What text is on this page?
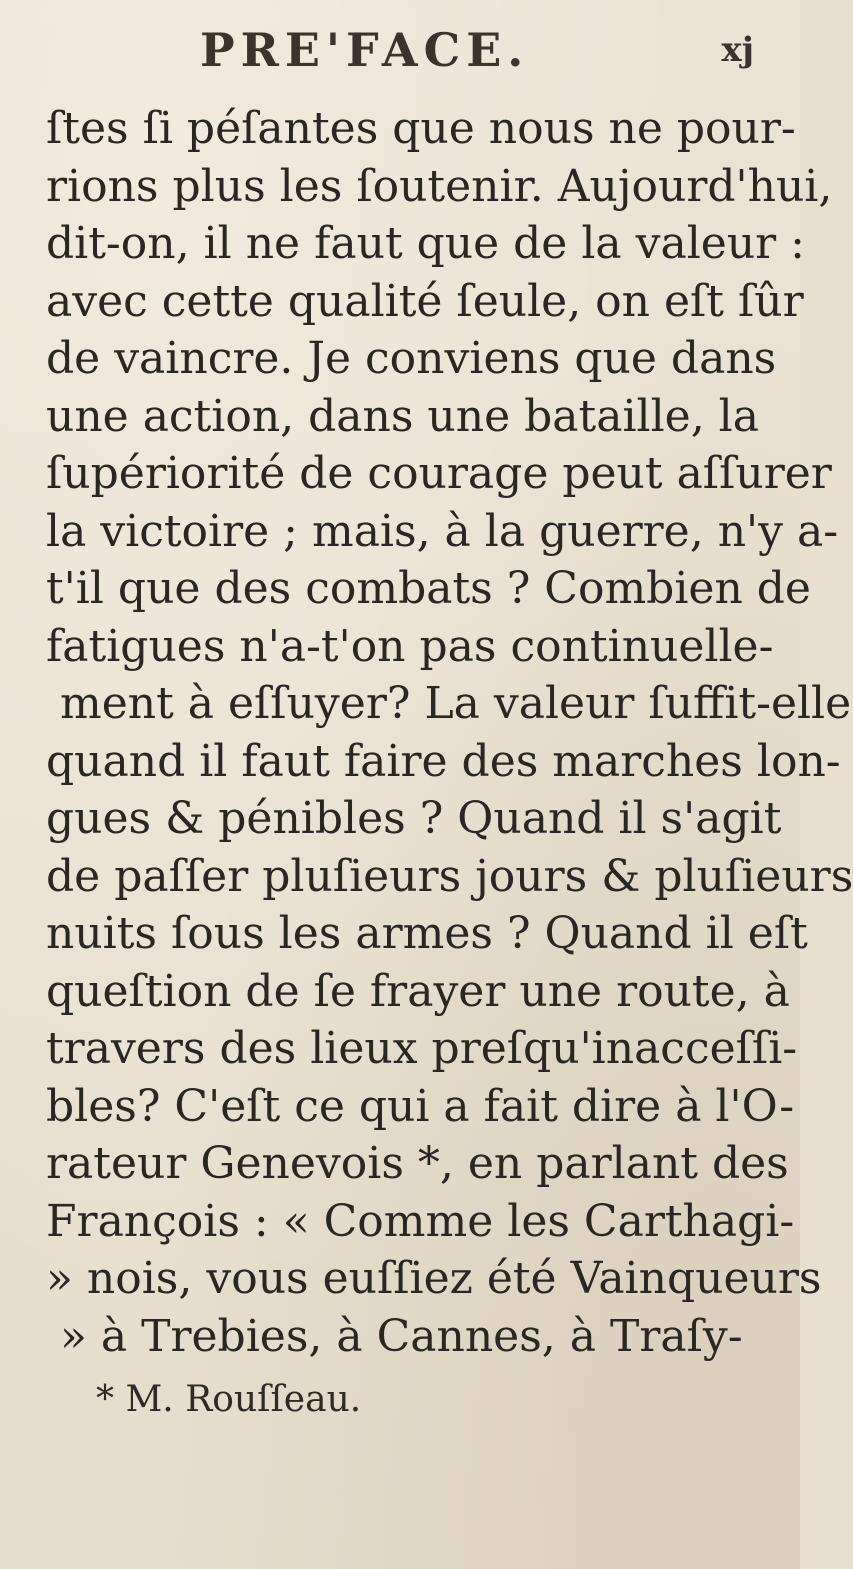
PRE'FACE.	xj
ſtes ſi péſantes que nous ne pour-
rions plus les ſoutenir. Aujourd'hui,
dit-on, il ne faut que de la valeur :
avec cette qualité ſeule, on eſt ſûr
de vaincre. Je conviens que dans
une action, dans une bataille, la
ſupériorité de courage peut aſſurer
la victoire ; mais, à la guerre, n'y a-
t'il que des combats ? Combien de
fatigues n'a-t'on pas continuelle-
ment à eſſuyer? La valeur ſuffit-elle
quand il faut faire des marches lon-
gues & pénibles ? Quand il s'agit
de paſſer pluſieurs jours & pluſieurs
nuits ſous les armes ? Quand il eſt
queſtion de ſe frayer une route, à
travers des lieux preſqu'inacceſſi-
bles? C'eſt ce qui a fait dire à l'O-
rateur Genevois *, en parlant des
François : « Comme les Carthagi-
» nois, vous euſſiez été Vainqueurs
» à Trebies, à Cannes, à Traſy-
* M. Rouſſeau.
